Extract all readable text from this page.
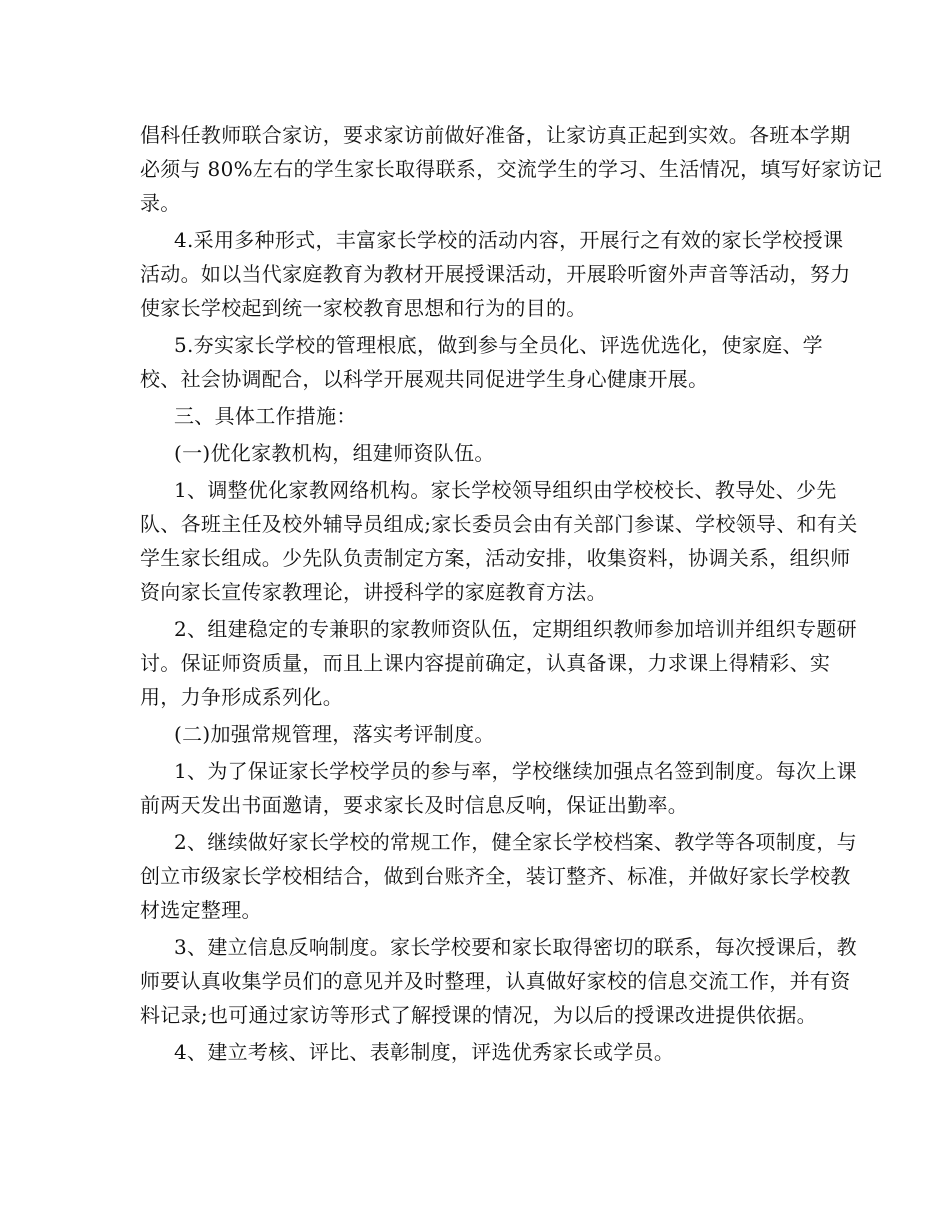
倡科任教师联合家访，要求家访前做好准备，让家访真正起到实效。各班本学期
必须与 80%左右的学生家长取得联系，交流学生的学习、生活情况，填写好家访记
录。
4.采用多种形式，丰富家长学校的活动内容，开展行之有效的家长学校授课
活动。如以当代家庭教育为教材开展授课活动，开展聆听窗外声音等活动，努力
使家长学校起到统一家校教育思想和行为的目的。
5.夯实家长学校的管理根底，做到参与全员化、评选优选化，使家庭、学
校、社会协调配合，以科学开展观共同促进学生身心健康开展。
三、具体工作措施：
(一)优化家教机构，组建师资队伍。
1、调整优化家教网络机构。家长学校领导组织由学校校长、教导处、少先
队、各班主任及校外辅导员组成;家长委员会由有关部门参谋、学校领导、和有关
学生家长组成。少先队负责制定方案，活动安排，收集资料，协调关系，组织师
资向家长宣传家教理论，讲授科学的家庭教育方法。
2、组建稳定的专兼职的家教师资队伍，定期组织教师参加培训并组织专题研
讨。保证师资质量，而且上课内容提前确定，认真备课，力求课上得精彩、实
用，力争形成系列化。
(二)加强常规管理，落实考评制度。
1、为了保证家长学校学员的参与率，学校继续加强点名签到制度。每次上课
前两天发出书面邀请，要求家长及时信息反响，保证出勤率。
2、继续做好家长学校的常规工作，健全家长学校档案、教学等各项制度，与
创立市级家长学校相结合，做到台账齐全，装订整齐、标准，并做好家长学校教
材选定整理。
3、建立信息反响制度。家长学校要和家长取得密切的联系，每次授课后，教
师要认真收集学员们的意见并及时整理，认真做好家校的信息交流工作，并有资
料记录;也可通过家访等形式了解授课的情况，为以后的授课改进提供依据。
4、建立考核、评比、表彰制度，评选优秀家长或学员。
